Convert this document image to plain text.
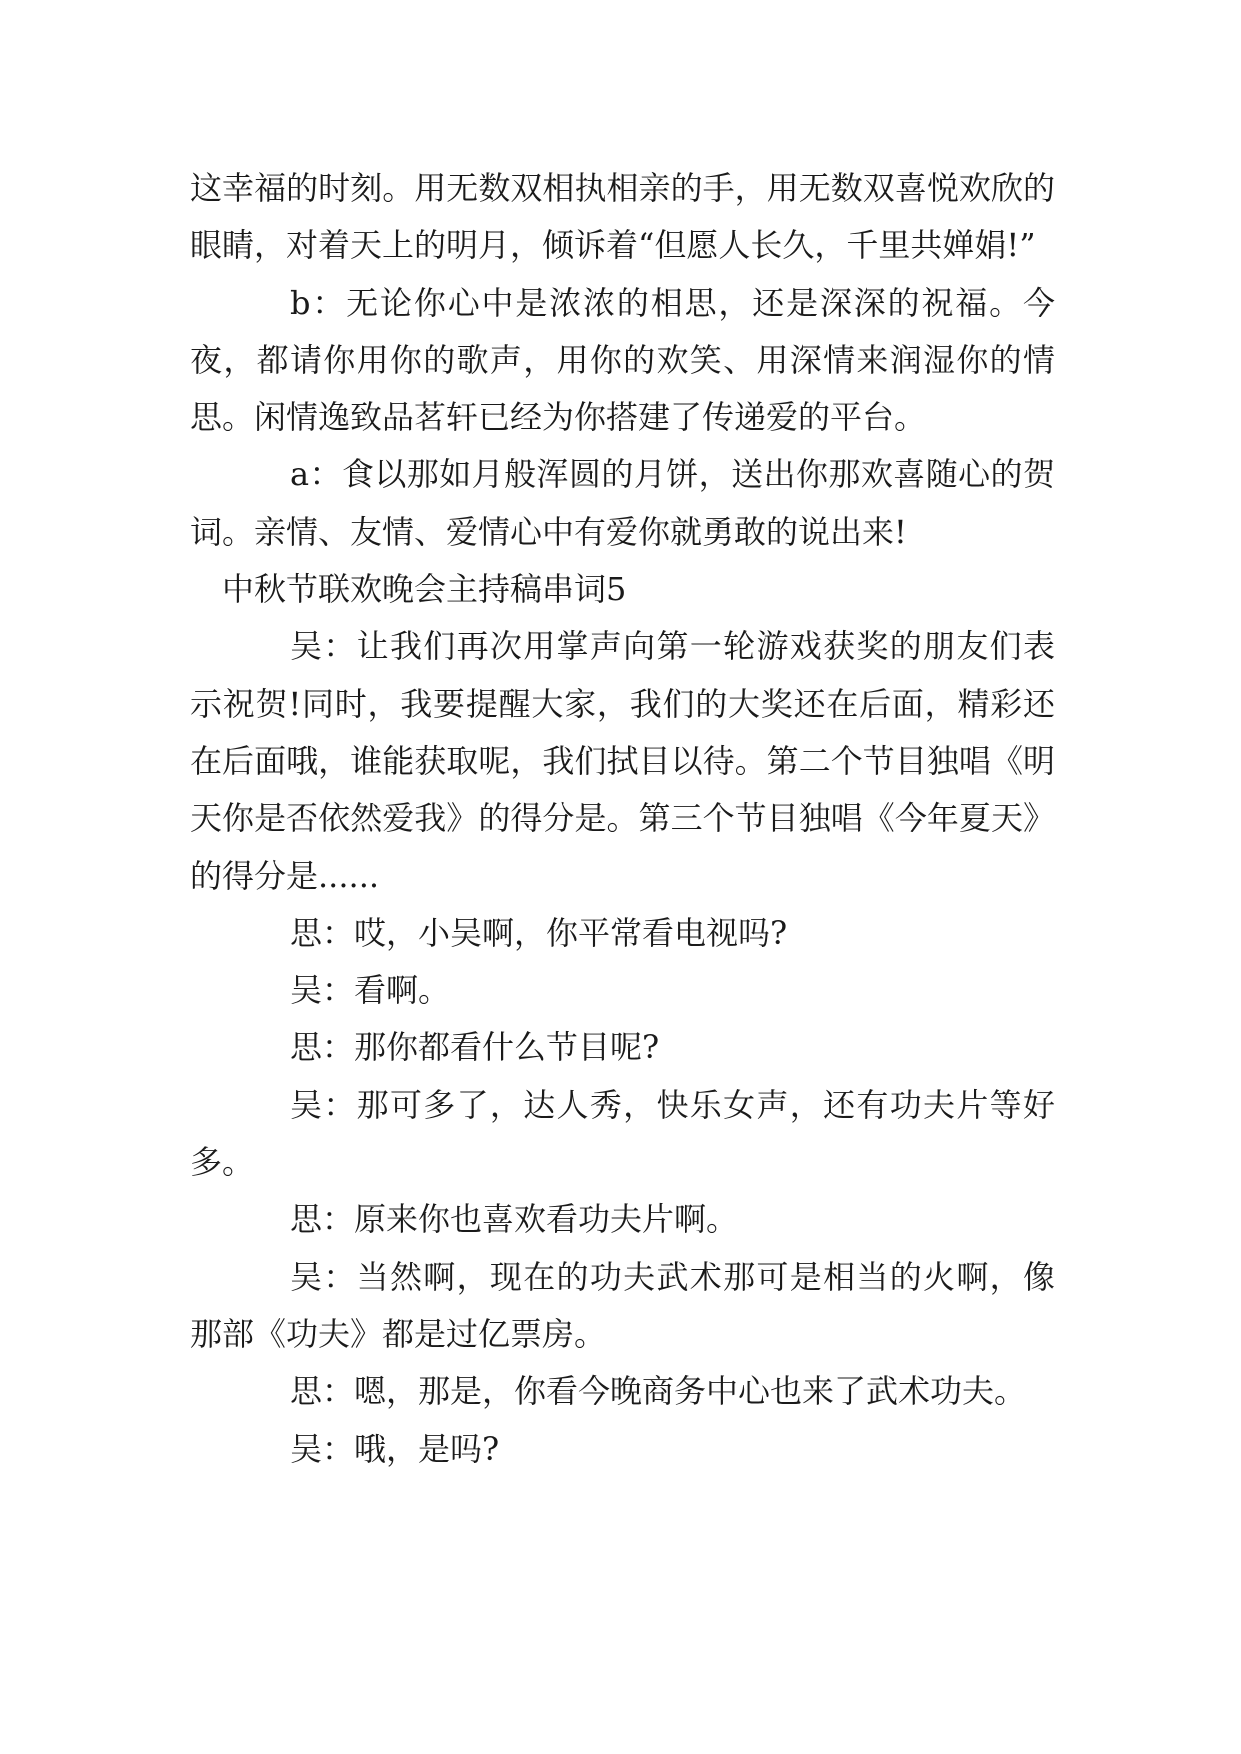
这幸福的时刻。用无数双相执相亲的手，用无数双喜悦欢欣的眼睛，对着天上的明月，倾诉着“但愿人长久，千里共婵娟!”

b：无论你心中是浓浓的相思，还是深深的祝福。今夜，都请你用你的歌声，用你的欢笑、用深情来润湿你的情思。闲情逸致品茗轩已经为你搭建了传递爱的平台。

a：食以那如月般浑圆的月饼，送出你那欢喜随心的贺词。亲情、友情、爱情心中有爱你就勇敢的说出来!

中秋节联欢晚会主持稿串词5

吴：让我们再次用掌声向第一轮游戏获奖的朋友们表示祝贺!同时，我要提醒大家，我们的大奖还在后面，精彩还在后面哦，谁能获取呢，我们拭目以待。第二个节目独唱《明天你是否依然爱我》的得分是。第三个节目独唱《今年夏天》的得分是......

思：哎，小吴啊，你平常看电视吗?

吴：看啊。

思：那你都看什么节目呢?

吴：那可多了，达人秀，快乐女声，还有功夫片等好多。

思：原来你也喜欢看功夫片啊。

吴：当然啊，现在的功夫武术那可是相当的火啊，像那部《功夫》都是过亿票房。

思：嗯，那是，你看今晚商务中心也来了武术功夫。

吴：哦，是吗?
